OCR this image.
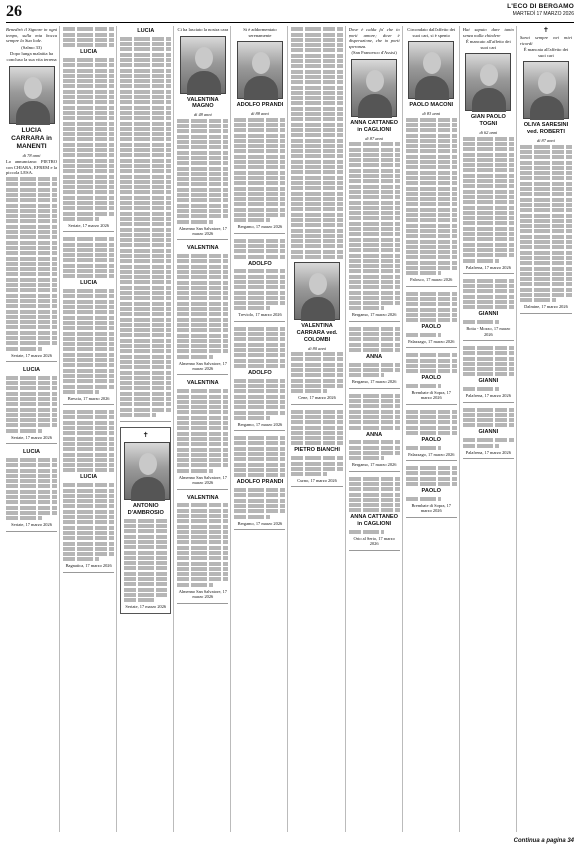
26	L'ECO DI BERGAMO
MARTEDÌ 17 MARZO 2026

Benedirò il Signore in ogni tempo, sulla mia bocca sempre la Sua lode.

(Salmo 33)

Dopo lunga malattia ha concluso la sua vita terrena

LUCIA CARRARA in MANENTI
di 78 anni

Lo annunciano: PIETRO con CHIARA, EFREM e la piccola LESA.

Seriate, 17 marzo 2026
LUCIA
Seriate, 17 marzo 2026
LUCIA
Seriate, 17 marzo 2026
LUCIA
Seriate, 17 marzo 2026
LUCIA
Brescia, 17 marzo 2026
LUCIA
Bagnatica, 17 marzo 2026
LUCIA
✝
ANTONIO D'AMBROSIO
Seriate, 17 marzo 2026

Ci ha lasciato la nostra cara

VALENTINA MAGNO
di 48 anni
Almenno San Salvatore, 17 marzo 2026
VALENTINA
Almenno San Salvatore, 17 marzo 2026
VALENTINA
Almenno San Salvatore, 17 marzo 2026
VALENTINA
Almenno San Salvatore, 17 marzo 2026

Si è addormentato serenamente

ADOLFO PRANDI
di 88 anni
Bergamo, 17 marzo 2026
ADOLFO
Treviolo, 17 marzo 2026
ADOLFO
Bergamo, 17 marzo 2026
ADOLFO PRANDI
Bergamo, 17 marzo 2026
VALENTINA CARRARA ved. COLOMBI
di 80 anni
Cene, 17 marzo 2026
PIETRO BIANCHI
Curno, 17 marzo 2026

Dove è calda fa' che io porti amore; dove è disperazione, che io porti speranza.

(San Francesco d'Assisi)

ANNA CATTANEO in CAGLIONI
di 87 anni
Bergamo, 17 marzo 2026
ANNA
Bergamo, 17 marzo 2026
ANNA
Bergamo, 17 marzo 2026
ANNA CATTANEO in CAGLIONI
Orio al Serio, 17 marzo 2026

Circondato dall'affetto dei suoi cari, si è spento

PAOLO MACONI
di 83 anni
Palosco, 17 marzo 2026
PAOLO
Palazzago, 17 marzo 2026
PAOLO
Brembate di Sopra, 17 marzo 2026
PAOLO
Palazzago, 17 marzo 2026
PAOLO
Brembate di Sopra, 17 marzo 2026

Hai saputo dare tanto senza nulla chiedere

È mancato all'affetto dei suoi cari

GIAN PAOLO TOGNI
di 62 anni
Palafrena, 17 marzo 2026
GIANNI
Botta - Mozzo, 17 marzo 2026
GIANNI
Palafrena, 17 marzo 2026
GIANNI
Palafrena, 17 marzo 2026
✝

Sarai sempre nei miei ricordi

È mancata all'affetto dei suoi cari

OLIVA SARESINI ved. ROBERTI
di 87 anni
Dalmine, 17 marzo 2026
Continua a pagina 34
